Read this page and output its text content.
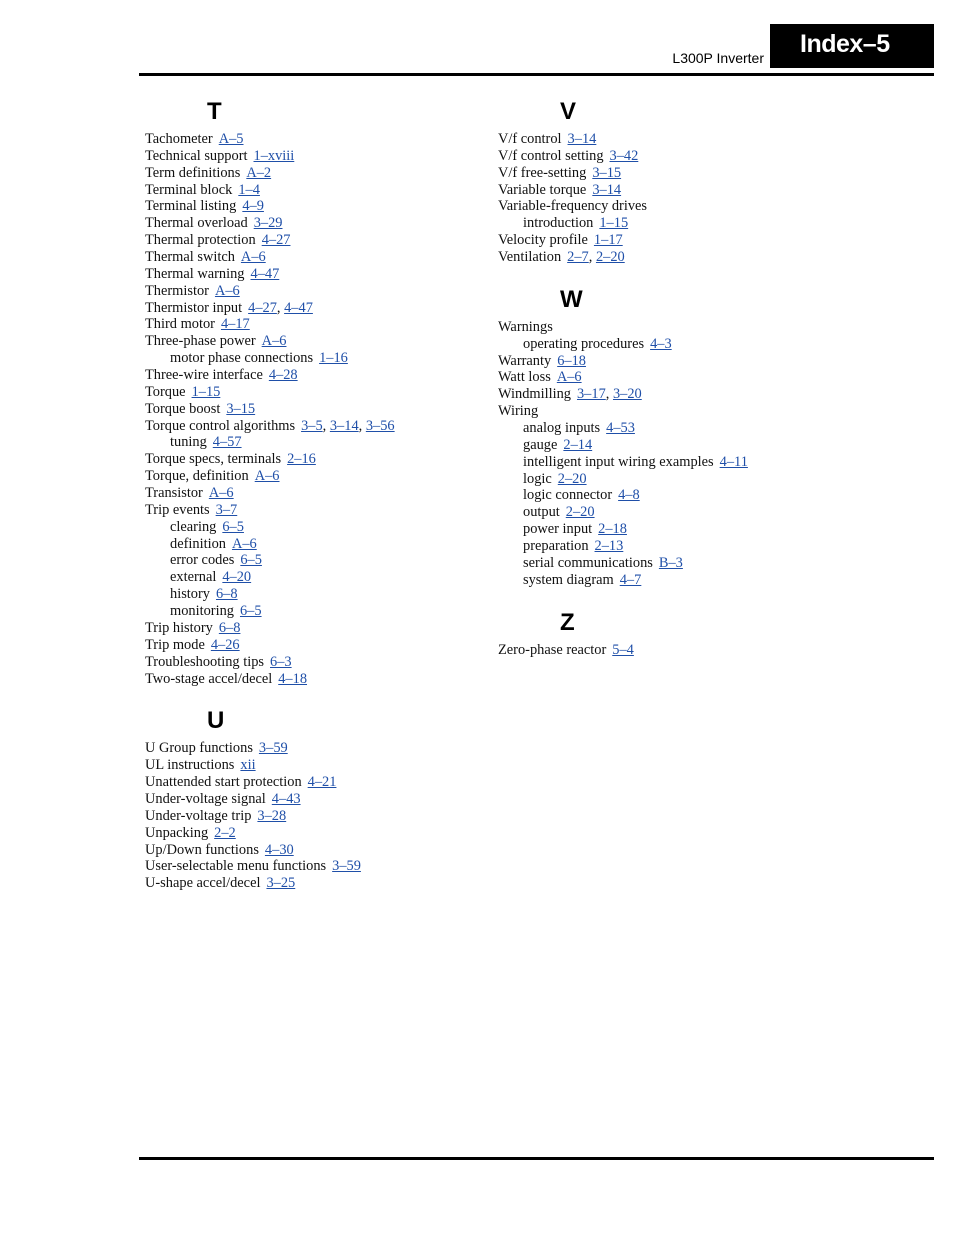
L300P Inverter	Index–5
T
Tachometer A–5
Technical support 1–xviii
Term definitions A–2
Terminal block 1–4
Terminal listing 4–9
Thermal overload 3–29
Thermal protection 4–27
Thermal switch A–6
Thermal warning 4–47
Thermistor A–6
Thermistor input 4–27, 4–47
Third motor 4–17
Three-phase power A–6
motor phase connections 1–16
Three-wire interface 4–28
Torque 1–15
Torque boost 3–15
Torque control algorithms 3–5, 3–14, 3–56
tuning 4–57
Torque specs, terminals 2–16
Torque, definition A–6
Transistor A–6
Trip events 3–7
clearing 6–5
definition A–6
error codes 6–5
external 4–20
history 6–8
monitoring 6–5
Trip history 6–8
Trip mode 4–26
Troubleshooting tips 6–3
Two-stage accel/decel 4–18
U
U Group functions 3–59
UL instructions xii
Unattended start protection 4–21
Under-voltage signal 4–43
Under-voltage trip 3–28
Unpacking 2–2
Up/Down functions 4–30
User-selectable menu functions 3–59
U-shape accel/decel 3–25
V
V/f control 3–14
V/f control setting 3–42
V/f free-setting 3–15
Variable torque 3–14
Variable-frequency drives
introduction 1–15
Velocity profile 1–17
Ventilation 2–7, 2–20
W
Warnings
operating procedures 4–3
Warranty 6–18
Watt loss A–6
Windmilling 3–17, 3–20
Wiring
analog inputs 4–53
gauge 2–14
intelligent input wiring examples 4–11
logic 2–20
logic connector 4–8
output 2–20
power input 2–18
preparation 2–13
serial communications B–3
system diagram 4–7
Z
Zero-phase reactor 5–4
